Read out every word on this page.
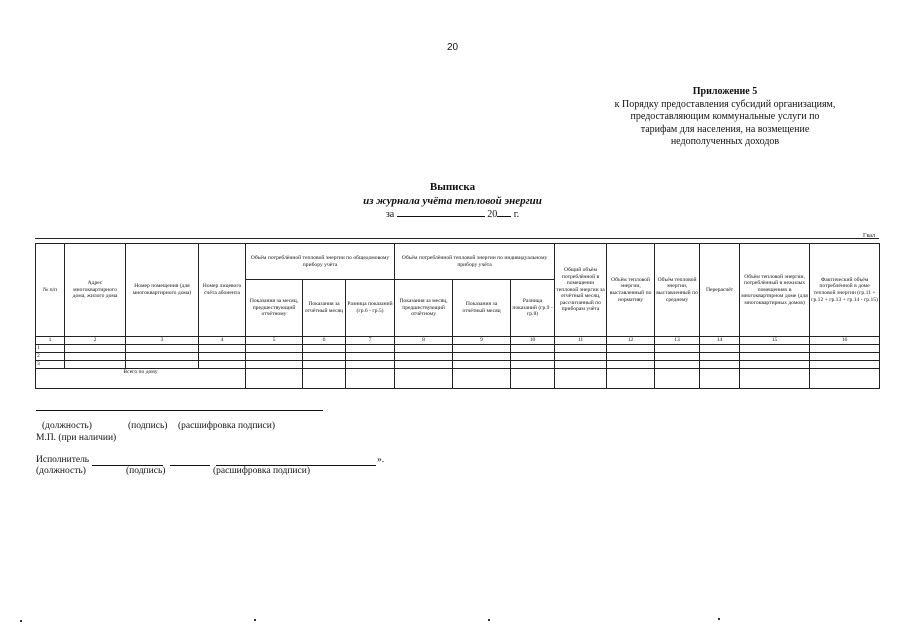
20
Приложение 5
к Порядку предоставления субсидий организациям,
предоставляющим коммунальные услуги по
тарифам для населения, на возмещение
недополученных доходов
Выписка
из журнала учёта тепловой энергии
за	20 г.
Гкал
№ п/п	Адрес многоквартирного дома, жилого дома	Номер помещения (для многоквартирного дома)	Номер лицевого счёта абонента	Объём потреблённой тепловой энергии по общедомовому прибору учёта			Объём потреблённой тепловой энергии по индивидуальному прибору учёта			Общий объём потреблённой в помещении тепловой энергии за отчётный месяц, рассчитанный по приборам учёта	Объём тепловой энергии, выставленный по нормативу	Объём тепловой энергии, выставленный по среднему	Перерасчёт	Объём тепловой энергии, потреблённый в нежилых помещениях в многоквартирном доме (для многоквартирных домов)	Фактический объём потреблённой в доме тепловой энергии (гр.11 + гр.12 + гр.13 + гр.14 - гр.15)
				Показания за месяц, предшествующий отчётному	Показания за отчётный месяц	Разница показаний (гр.6 - гр.5)	Показания за месяц, предшествующий отчётному	Показания за отчётный месяц	Разница показаний (гр.9 - гр.8)						
1	2	3	4	5	6	7	8	9	10	11	12	13	14	15	16
1															
2															
3															
Всего по дому															
(должность)	(подпись) (расшифровка подписи)
М.П. (при наличии)
Исполнитель	».
(должность)	(подпись)	(расшифровка подписи)
